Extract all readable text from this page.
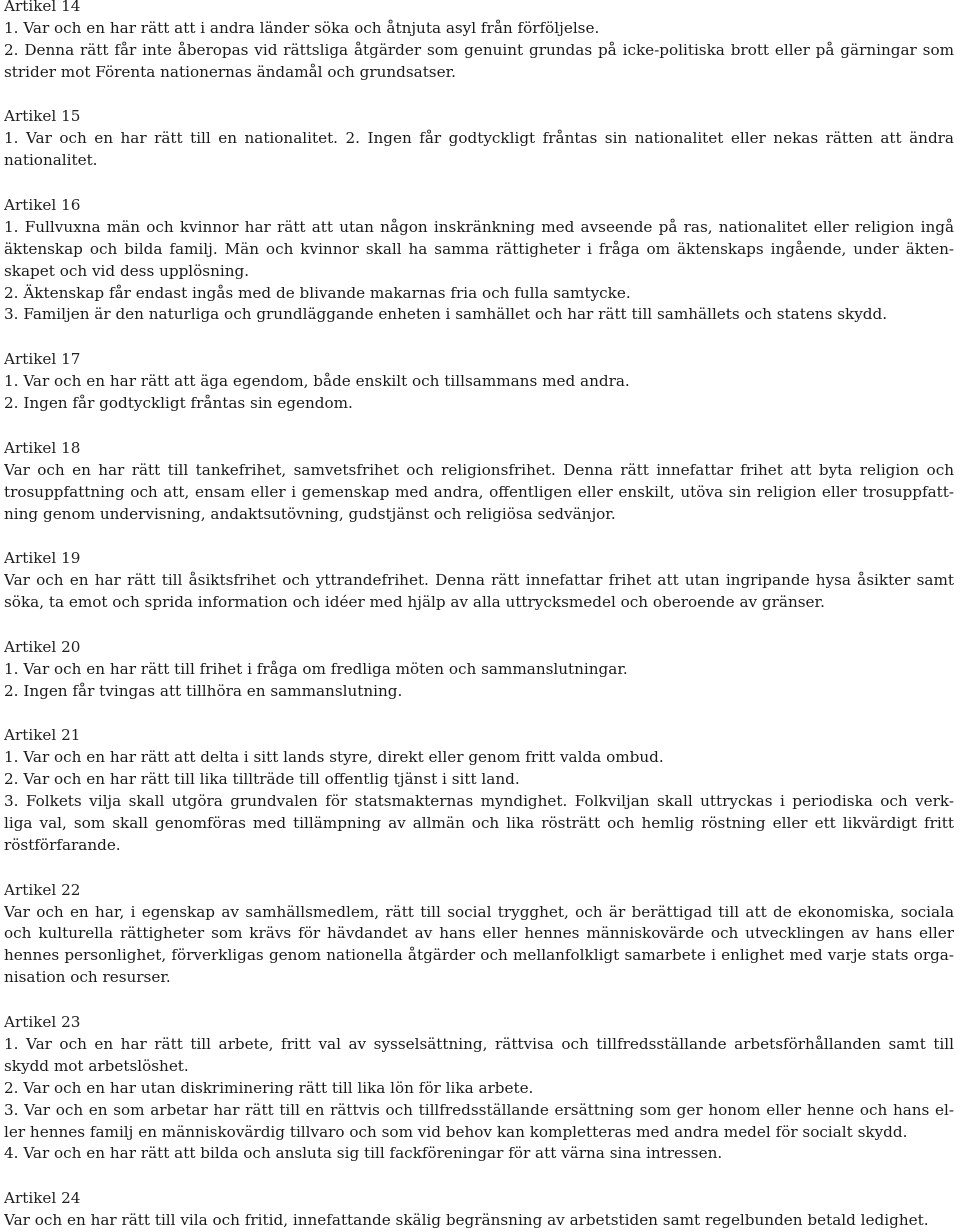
Artikel 14
1. Var och en har rätt att i andra länder söka och åtnjuta asyl från förföljelse.
2. Denna rätt får inte åberopas vid rättsliga åtgärder som genuint grundas på icke-politiska brott eller på gärningar som
strider mot Förenta nationernas ändamål och grundsatser.
Artikel 15
1. Var och en har rätt till en nationalitet. 2. Ingen får godtyckligt fråntas sin nationalitet eller nekas rätten att ändra
nationalitet.
Artikel 16
1. Fullvuxna män och kvinnor har rätt att utan någon inskränkning med avseende på ras, nationalitet eller religion ingå
äktenskap och bilda familj. Män och kvinnor skall ha samma rättigheter i fråga om äktenskaps ingående, under äkten-
skapet och vid dess upplösning.
2. Äktenskap får endast ingås med de blivande makarnas fria och fulla samtycke.
3. Familjen är den naturliga och grundläggande enheten i samhället och har rätt till samhällets och statens skydd.
Artikel 17
1. Var och en har rätt att äga egendom, både enskilt och tillsammans med andra.
2. Ingen får godtyckligt fråntas sin egendom.
Artikel 18
Var och en har rätt till tankefrihet, samvetsfrihet och religionsfrihet. Denna rätt innefattar frihet att byta religion och
trosuppfattning och att, ensam eller i gemenskap med andra, offentligen eller enskilt, utöva sin religion eller trosuppfatt-
ning genom undervisning, andaktsutövning, gudstjänst och religiösa sedvänjor.
Artikel 19
Var och en har rätt till åsiktsfrihet och yttrandefrihet. Denna rätt innefattar frihet att utan ingripande hysa åsikter samt
söka, ta emot och sprida information och idéer med hjälp av alla uttrycksmedel och oberoende av gränser.
Artikel 20
1. Var och en har rätt till frihet i fråga om fredliga möten och sammanslutningar.
2. Ingen får tvingas att tillhöra en sammanslutning.
Artikel 21
1. Var och en har rätt att delta i sitt lands styre, direkt eller genom fritt valda ombud.
2. Var och en har rätt till lika tillträde till offentlig tjänst i sitt land.
3. Folkets vilja skall utgöra grundvalen för statsmakternas myndighet. Folkviljan skall uttryckas i periodiska och verk-
liga val, som skall genomföras med tillämpning av allmän och lika rösträtt och hemlig röstning eller ett likvärdigt fritt
röstförfarande.
Artikel 22
Var och en har, i egenskap av samhällsmedlem, rätt till social trygghet, och är berättigad till att de ekonomiska, sociala
och kulturella rättigheter som krävs för hävdandet av hans eller hennes människovärde och utvecklingen av hans eller
hennes personlighet, förverkligas genom nationella åtgärder och mellanfolkligt samarbete i enlighet med varje stats orga-
nisation och resurser.
Artikel 23
1. Var och en har rätt till arbete, fritt val av sysselsättning, rättvisa och tillfredsställande arbetsförhållanden samt till
skydd mot arbetslöshet.
2. Var och en har utan diskriminering rätt till lika lön för lika arbete.
3. Var och en som arbetar har rätt till en rättvis och tillfredsställande ersättning som ger honom eller henne och hans el-
ler hennes familj en människovärdig tillvaro och som vid behov kan kompletteras med andra medel för socialt skydd.
4. Var och en har rätt att bilda och ansluta sig till fackföreningar för att värna sina intressen.
Artikel 24
Var och en har rätt till vila och fritid, innefattande skälig begränsning av arbetstiden samt regelbunden betald ledighet.
